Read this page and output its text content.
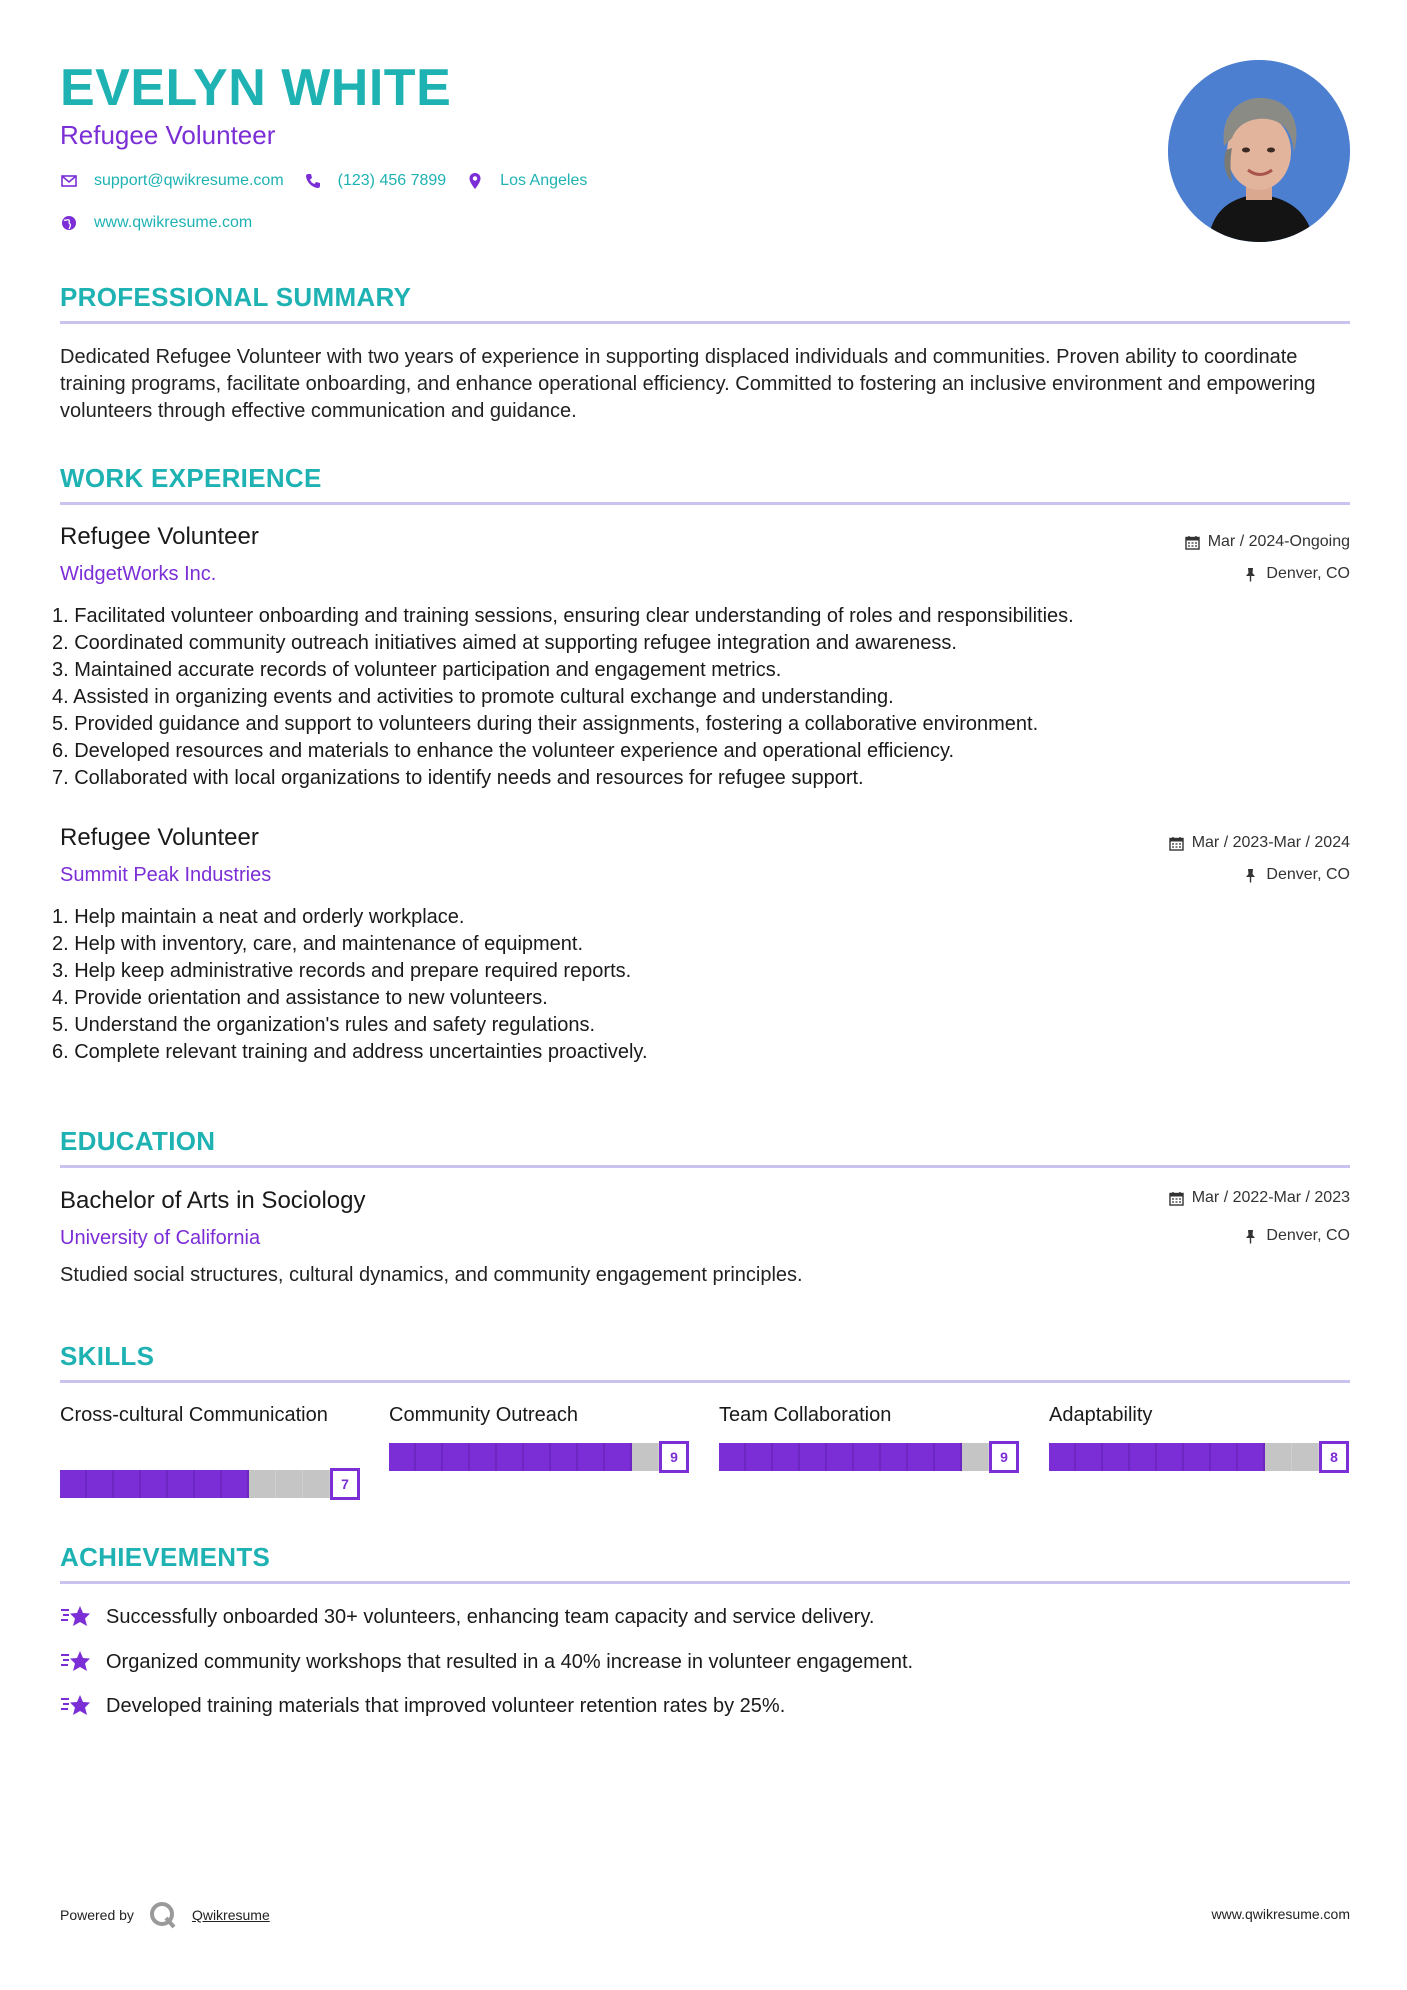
EVELYN WHITE
Refugee Volunteer
support@qwikresume.com	(123) 456 7899	Los Angeles
www.qwikresume.com
PROFESSIONAL SUMMARY
Dedicated Refugee Volunteer with two years of experience in supporting displaced individuals and communities. Proven ability to coordinate training programs, facilitate onboarding, and enhance operational efficiency. Committed to fostering an inclusive environment and empowering volunteers through effective communication and guidance.
WORK EXPERIENCE
Refugee Volunteer
WidgetWorks Inc.
Mar / 2024-Ongoing
Denver, CO
1. Facilitated volunteer onboarding and training sessions, ensuring clear understanding of roles and responsibilities.
2. Coordinated community outreach initiatives aimed at supporting refugee integration and awareness.
3. Maintained accurate records of volunteer participation and engagement metrics.
4. Assisted in organizing events and activities to promote cultural exchange and understanding.
5. Provided guidance and support to volunteers during their assignments, fostering a collaborative environment.
6. Developed resources and materials to enhance the volunteer experience and operational efficiency.
7. Collaborated with local organizations to identify needs and resources for refugee support.
Refugee Volunteer
Summit Peak Industries
Mar / 2023-Mar / 2024
Denver, CO
1. Help maintain a neat and orderly workplace.
2. Help with inventory, care, and maintenance of equipment.
3. Help keep administrative records and prepare required reports.
4. Provide orientation and assistance to new volunteers.
5. Understand the organization's rules and safety regulations.
6. Complete relevant training and address uncertainties proactively.
EDUCATION
Bachelor of Arts in Sociology
University of California
Mar / 2022-Mar / 2023
Denver, CO
Studied social structures, cultural dynamics, and community engagement principles.
SKILLS
Cross-cultural Communication
7
Community Outreach
9
Team Collaboration
9
Adaptability
8
ACHIEVEMENTS
Successfully onboarded 30+ volunteers, enhancing team capacity and service delivery.
Organized community workshops that resulted in a 40% increase in volunteer engagement.
Developed training materials that improved volunteer retention rates by 25%.
Powered by	Qwikresume	www.qwikresume.com
